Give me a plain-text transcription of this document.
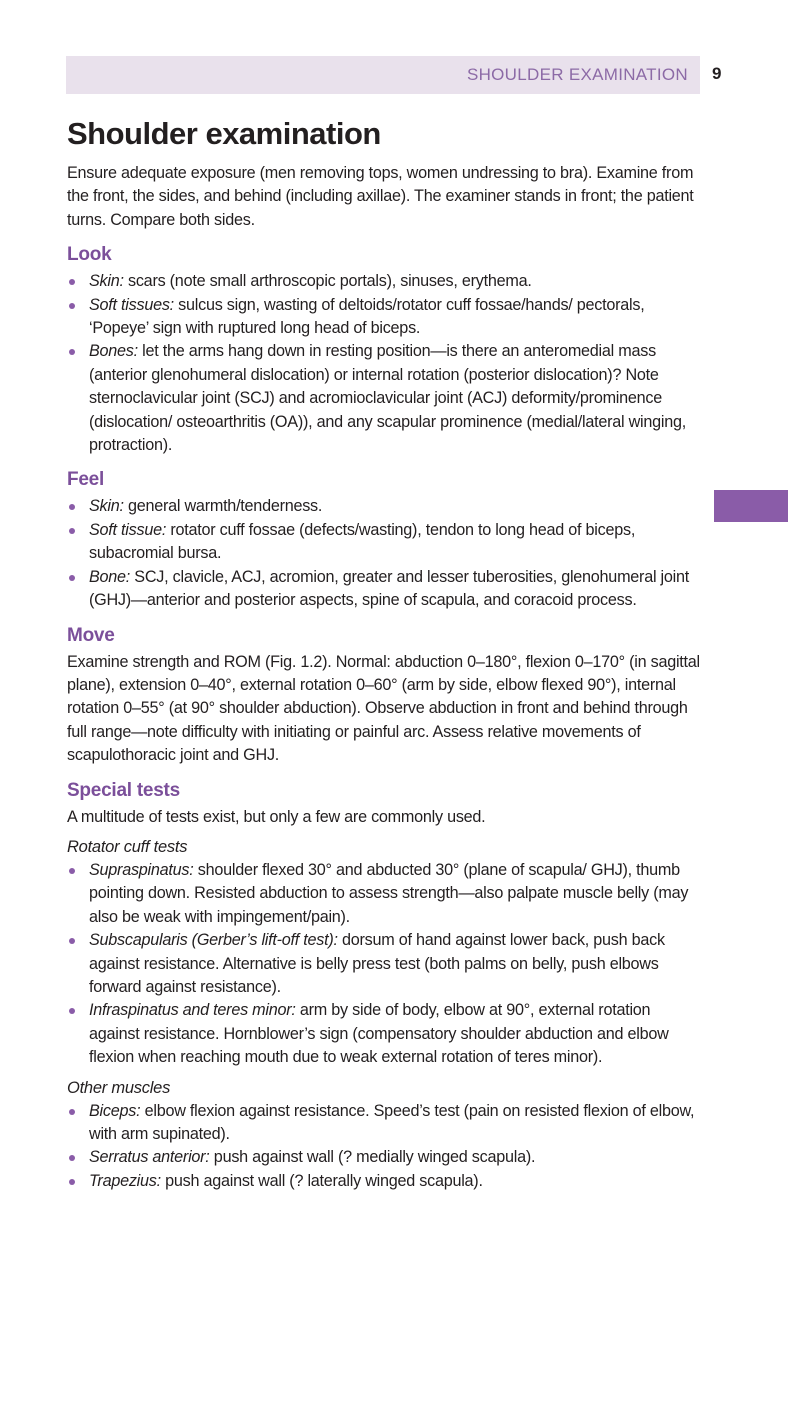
SHOULDER EXAMINATION 9
Shoulder examination

Ensure adequate exposure (men removing tops, women undressing to bra). Examine from the front, the sides, and behind (including axillae). The examiner stands in front; the patient turns. Compare both sides.

Look
Skin: scars (note small arthroscopic portals), sinuses, erythema.
Soft tissues: sulcus sign, wasting of deltoids/rotator cuff fossae/hands/ pectorals, ‘Popeye’ sign with ruptured long head of biceps.
Bones: let the arms hang down in resting position—is there an anteromedial mass (anterior glenohumeral dislocation) or internal rotation (posterior dislocation)? Note sternoclavicular joint (SCJ) and acromioclavicular joint (ACJ) deformity/prominence (dislocation/ osteoarthritis (OA)), and any scapular prominence (medial/lateral winging, protraction).
Feel
Skin: general warmth/tenderness.
Soft tissue: rotator cuff fossae (defects/wasting), tendon to long head of biceps, subacromial bursa.
Bone: SCJ, clavicle, ACJ, acromion, greater and lesser tuberosities, glenohumeral joint (GHJ)—anterior and posterior aspects, spine of scapula, and coracoid process.
Move

Examine strength and ROM (Fig. 1.2). Normal: abduction 0–180°, flexion 0–170° (in sagittal plane), extension 0–40°, external rotation 0–60° (arm by side, elbow flexed 90°), internal rotation 0–55° (at 90° shoulder abduction). Observe abduction in front and behind through full range—note difficulty with initiating or painful arc. Assess relative movements of scapulothoracic joint and GHJ.

Special tests

A multitude of tests exist, but only a few are commonly used.

Rotator cuff tests
Supraspinatus: shoulder flexed 30° and abducted 30° (plane of scapula/ GHJ), thumb pointing down. Resisted abduction to assess strength—also palpate muscle belly (may also be weak with impingement/pain).
Subscapularis (Gerber’s lift-off test): dorsum of hand against lower back, push back against resistance. Alternative is belly press test (both palms on belly, push elbows forward against resistance).
Infraspinatus and teres minor: arm by side of body, elbow at 90°, external rotation against resistance. Hornblower’s sign (compensatory shoulder abduction and elbow flexion when reaching mouth due to weak external rotation of teres minor).
Other muscles
Biceps: elbow flexion against resistance. Speed’s test (pain on resisted flexion of elbow, with arm supinated).
Serratus anterior: push against wall (? medially winged scapula).
Trapezius: push against wall (? laterally winged scapula).
